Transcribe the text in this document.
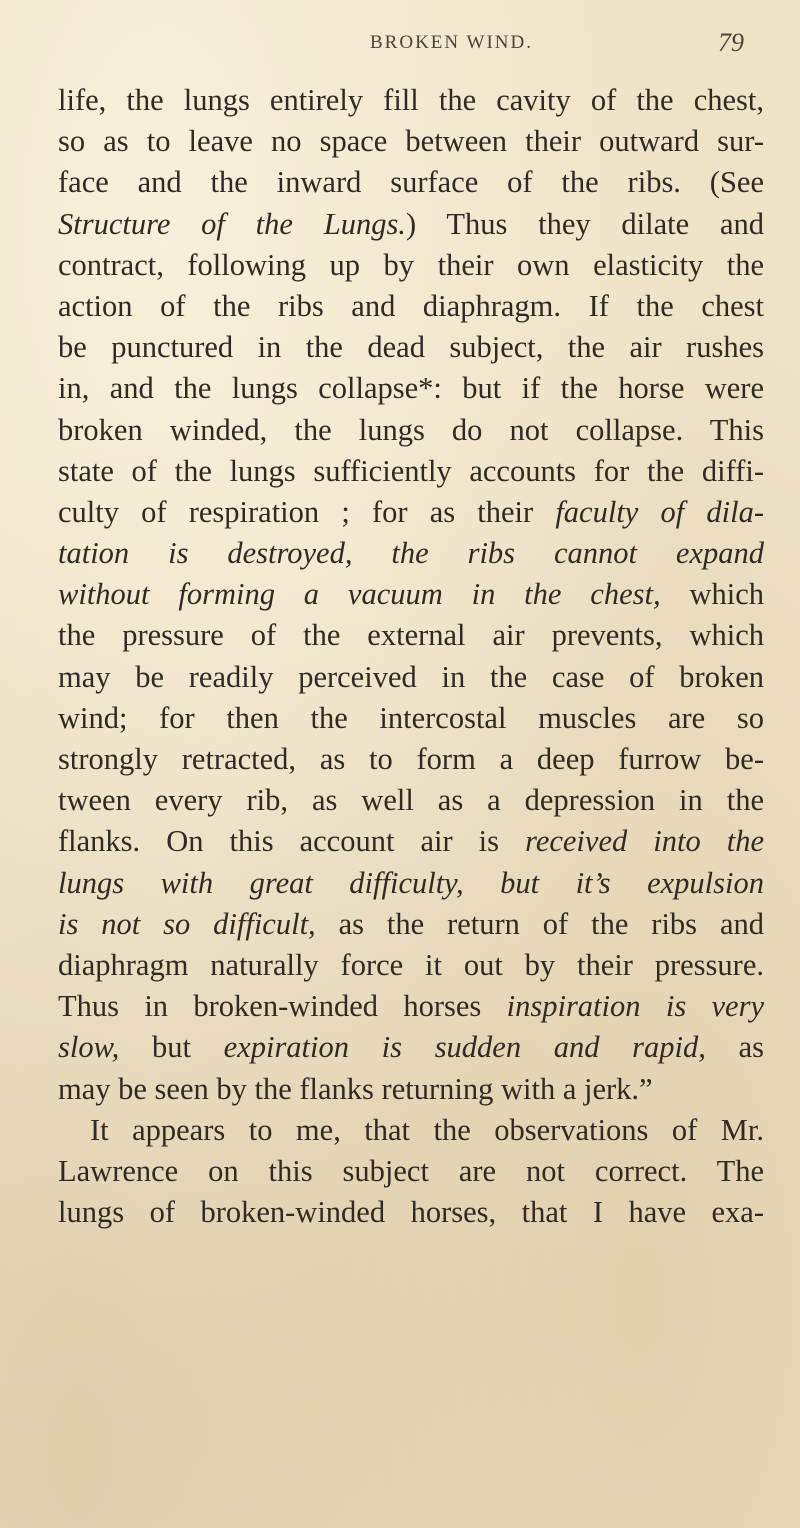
BROKEN WIND.	79
life, the lungs entirely fill the cavity of the chest,
so as to leave no space between their outward sur-
face and the inward surface of the ribs. (See
Structure of the Lungs.) Thus they dilate and
contract, following up by their own elasticity the
action of the ribs and diaphragm. If the chest
be punctured in the dead subject, the air rushes
in, and the lungs collapse*: but if the horse were
broken winded, the lungs do not collapse. This
state of the lungs sufficiently accounts for the diffi-
culty of respiration ; for as their faculty of dila-
tation is destroyed, the ribs cannot expand
without forming a vacuum in the chest, which
the pressure of the external air prevents, which
may be readily perceived in the case of broken
wind; for then the intercostal muscles are so
strongly retracted, as to form a deep furrow be-
tween every rib, as well as a depression in the
flanks. On this account air is received into the
lungs with great difficulty, but it’s expulsion
is not so difficult, as the return of the ribs and
diaphragm naturally force it out by their pressure.
Thus in broken-winded horses inspiration is very
slow, but expiration is sudden and rapid, as
may be seen by the flanks returning with a jerk.”
It appears to me, that the observations of Mr.
Lawrence on this subject are not correct. The
lungs of broken-winded horses, that I have exa-
